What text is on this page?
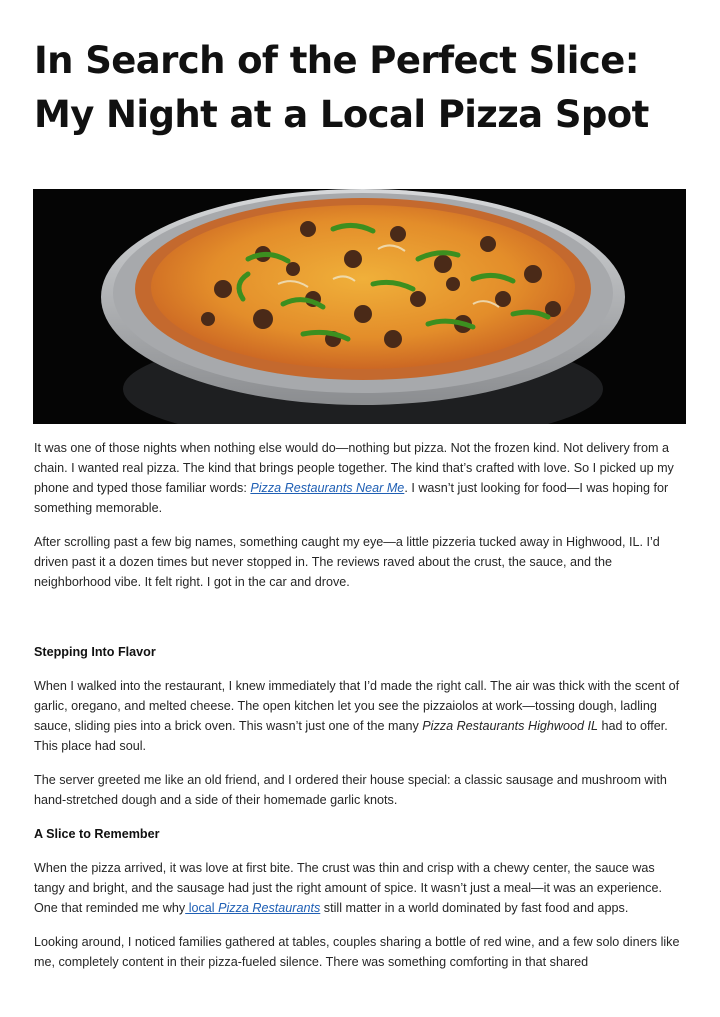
In Search of the Perfect Slice: My Night at a Local Pizza Spot

It was one of those nights when nothing else would do—nothing but pizza. Not the frozen kind. Not delivery from a chain. I wanted real pizza. The kind that brings people together. The kind that’s crafted with love. So I picked up my phone and typed those familiar words: Pizza Restaurants Near Me. I wasn’t just looking for food—I was hoping for something memorable.

After scrolling past a few big names, something caught my eye—a little pizzeria tucked away in Highwood, IL. I’d driven past it a dozen times but never stopped in. The reviews raved about the crust, the sauce, and the neighborhood vibe. It felt right. I got in the car and drove.

Stepping Into Flavor

When I walked into the restaurant, I knew immediately that I’d made the right call. The air was thick with the scent of garlic, oregano, and melted cheese. The open kitchen let you see the pizzaiolos at work—tossing dough, ladling sauce, sliding pies into a brick oven. This wasn’t just one of the many Pizza Restaurants Highwood IL had to offer. This place had soul.

The server greeted me like an old friend, and I ordered their house special: a classic sausage and mushroom with hand-stretched dough and a side of their homemade garlic knots.

A Slice to Remember

When the pizza arrived, it was love at first bite. The crust was thin and crisp with a chewy center, the sauce was tangy and bright, and the sausage had just the right amount of spice. It wasn’t just a meal—it was an experience. One that reminded me why local Pizza Restaurants still matter in a world dominated by fast food and apps.

Looking around, I noticed families gathered at tables, couples sharing a bottle of red wine, and a few solo diners like me, completely content in their pizza-fueled silence. There was something comforting in that shared
